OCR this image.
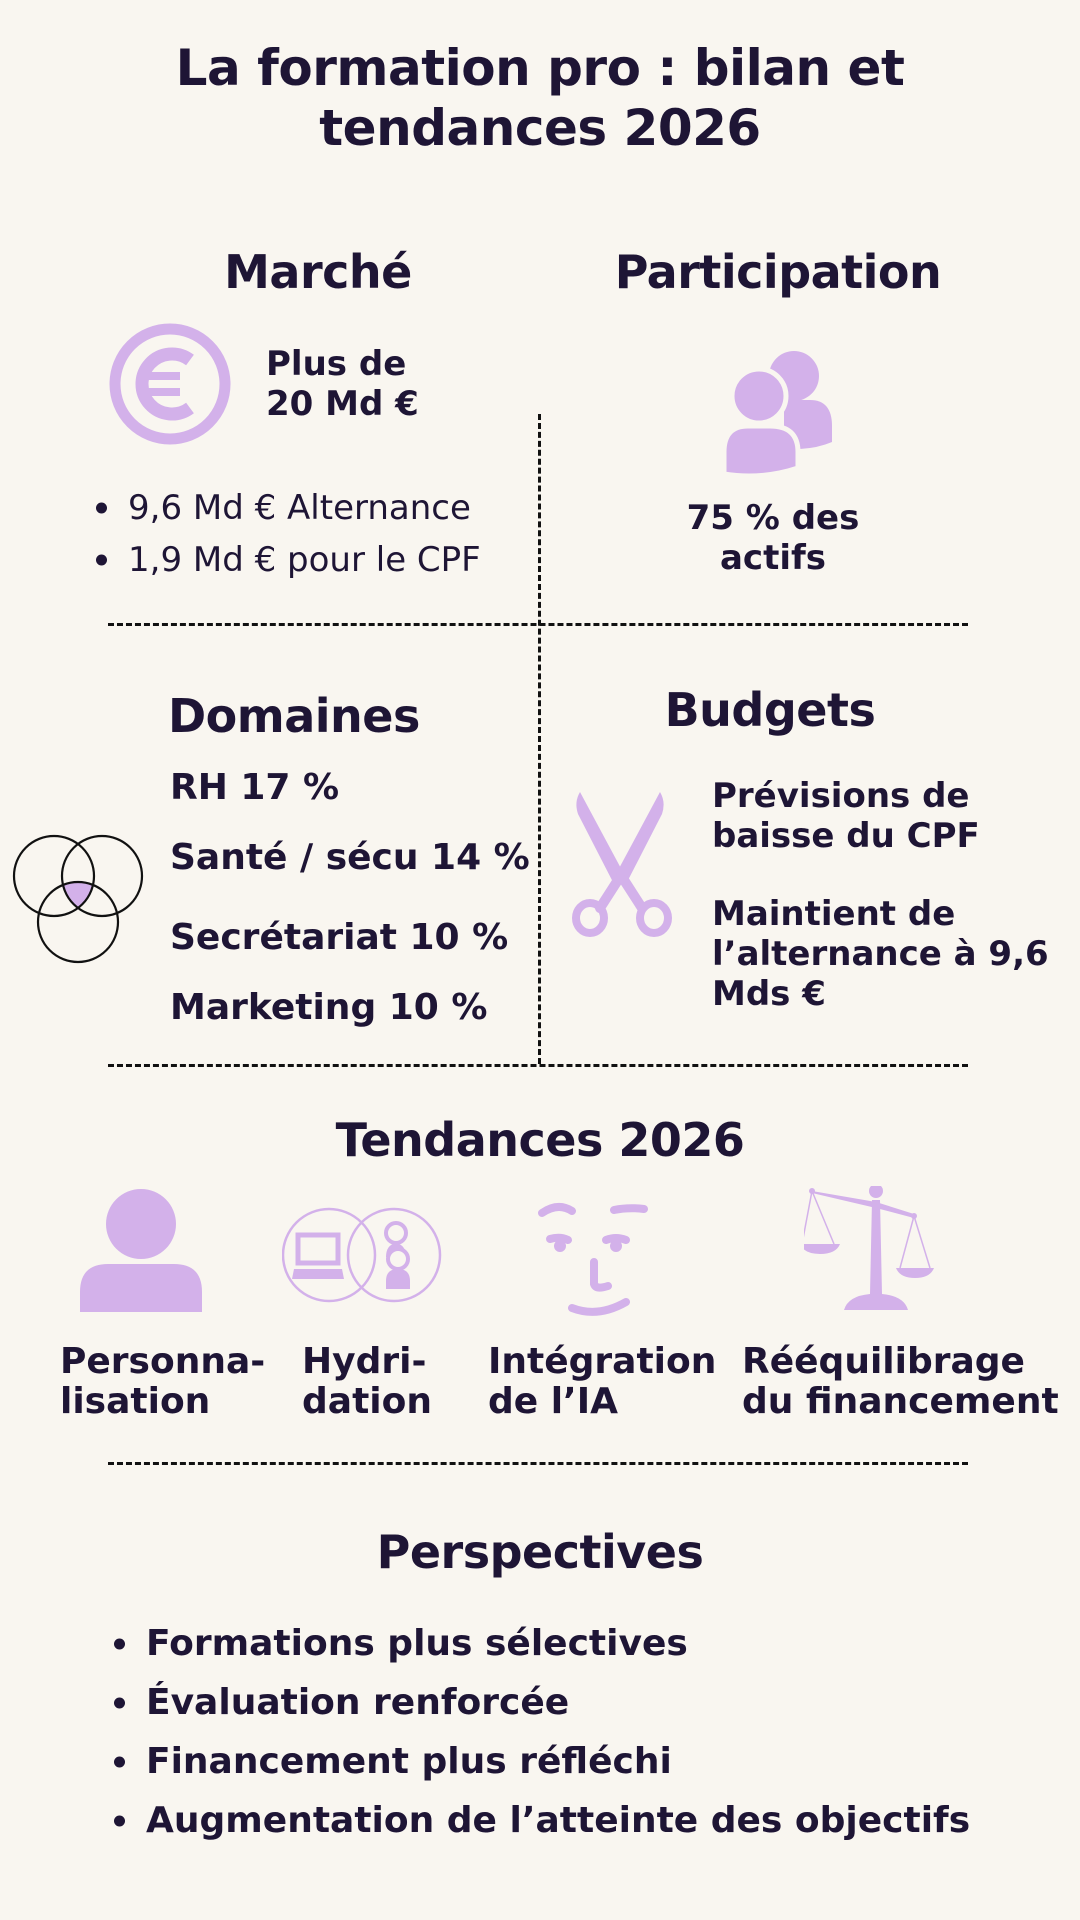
La formation pro : bilan et
tendances 2026
Marché
Plus de
20 Md €
9,6 Md € Alternance
1,9 Md € pour le CPF
Participation
75 % des
actifs
Domaines
RH 17 %
Santé / sécu 14 %
Secrétariat 10 %
Marketing 10 %
Budgets
Prévisions de
baisse du CPF
Maintient de
l’alternance à 9,6
Mds €
Tendances 2026
Personna-
lisation
Hydri-
dation
Intégration
de l’IA
Rééquilibrage
du financement
Perspectives
Formations plus sélectives
Évaluation renforcée
Financement plus réfléchi
Augmentation de l’atteinte des objectifs
